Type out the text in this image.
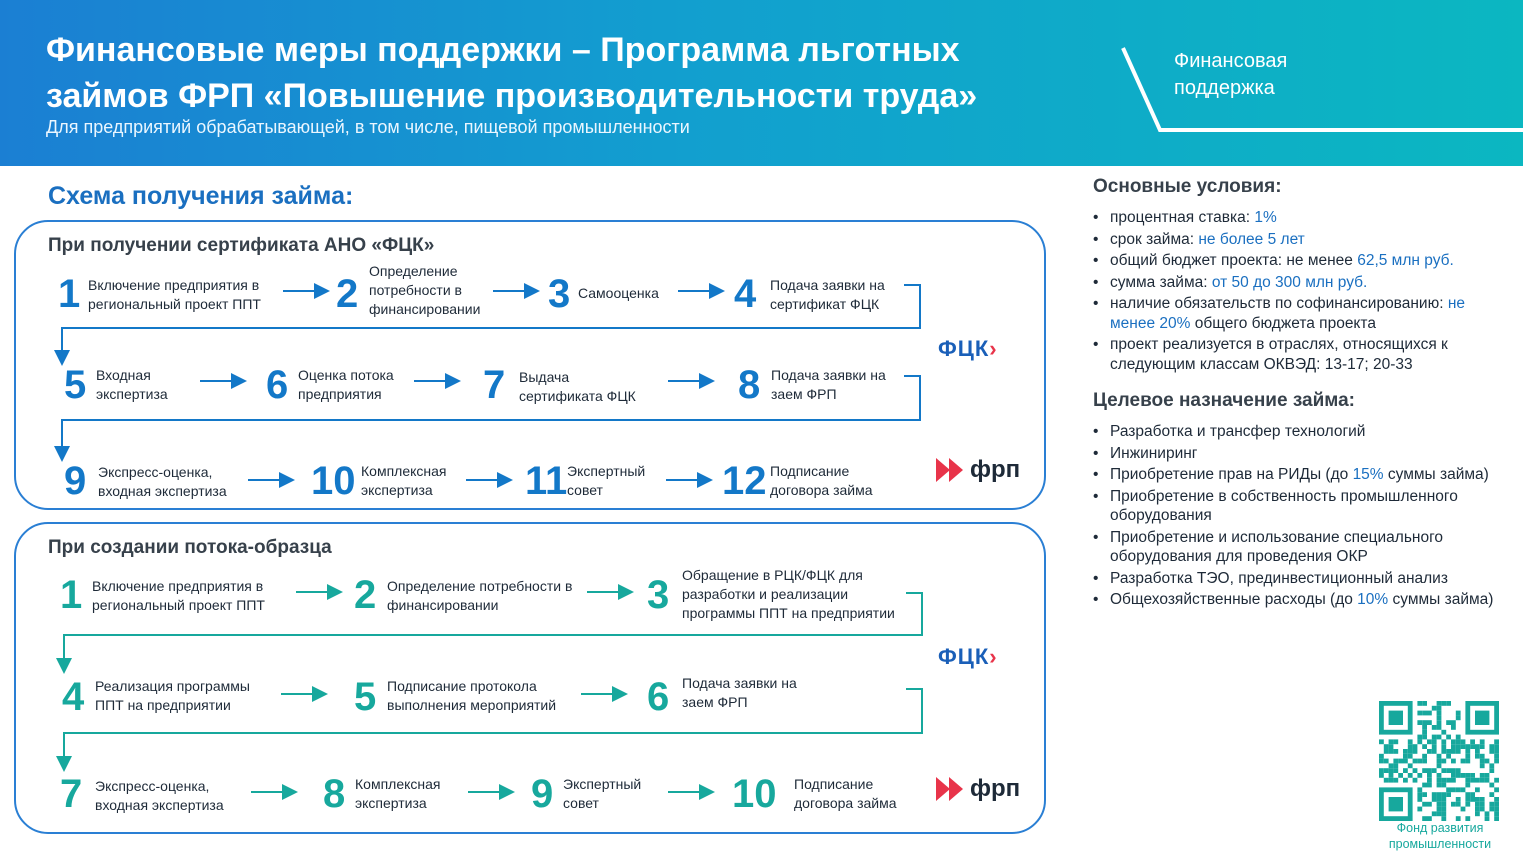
Финансовые меры поддержки – Программа льготных займов ФРП «Повышение производительности труда»
Для предприятий обрабатывающей, в том числе, пищевой промышленности
Финансовая поддержка
Схема получения займа:
При получении сертификата АНО «ФЦК»
1 Включение предприятия в региональный проект ППТ	2
Определение потребности в финансировании 3 Самооценка	4 Подача заявки на сертификат ФЦК
5 Входная экспертиза	6 Оценка потока предприятия	7 Выдача сертификата ФЦК	8 Подача заявки на заем ФРП
9 Экспресс-оценка, входная экспертиза	10 Комплексная экспертиза	11 Экспертный совет	12 Подписание договора займа
ФЦК›
фрп
При создании потока-образца
1 Включение предприятия в региональный проект ППТ	2 Определение потребности в финансировании	3 Обращение в РЦК/ФЦК для разработки и реализации программы ППТ на предприятии
4 Реализация программы ППТ на предприятии	5 Подписание протокола выполнения мероприятий	6 Подача заявки на заем ФРП
7 Экспресс-оценка, входная экспертиза	8 Комплексная экспертиза	9 Экспертный совет	10 Подписание договора займа
ФЦК›
фрп
Основные условия:
• процентная ставка: 1%
• срок займа: не более 5 лет
• общий бюджет проекта: не менее 62,5 млн руб.
• сумма займа: от 50 до 300 млн руб.
• наличие обязательств по софинансированию: не менее 20% общего бюджета проекта
• проект реализуется в отраслях, относящихся к следующим классам ОКВЭД: 13-17; 20-33
Целевое назначение займа:
• Разработка и трансфер технологий
• Инжиниринг
• Приобретение прав на РИДы (до 15% суммы займа)
• Приобретение в собственность промышленного оборудования
• Приобретение и использование специального оборудования для проведения ОКР
• Разработка ТЭО, прединвестиционный анализ
• Общехозяйственные расходы (до 10% суммы займа)
Фонд развития промышленности
